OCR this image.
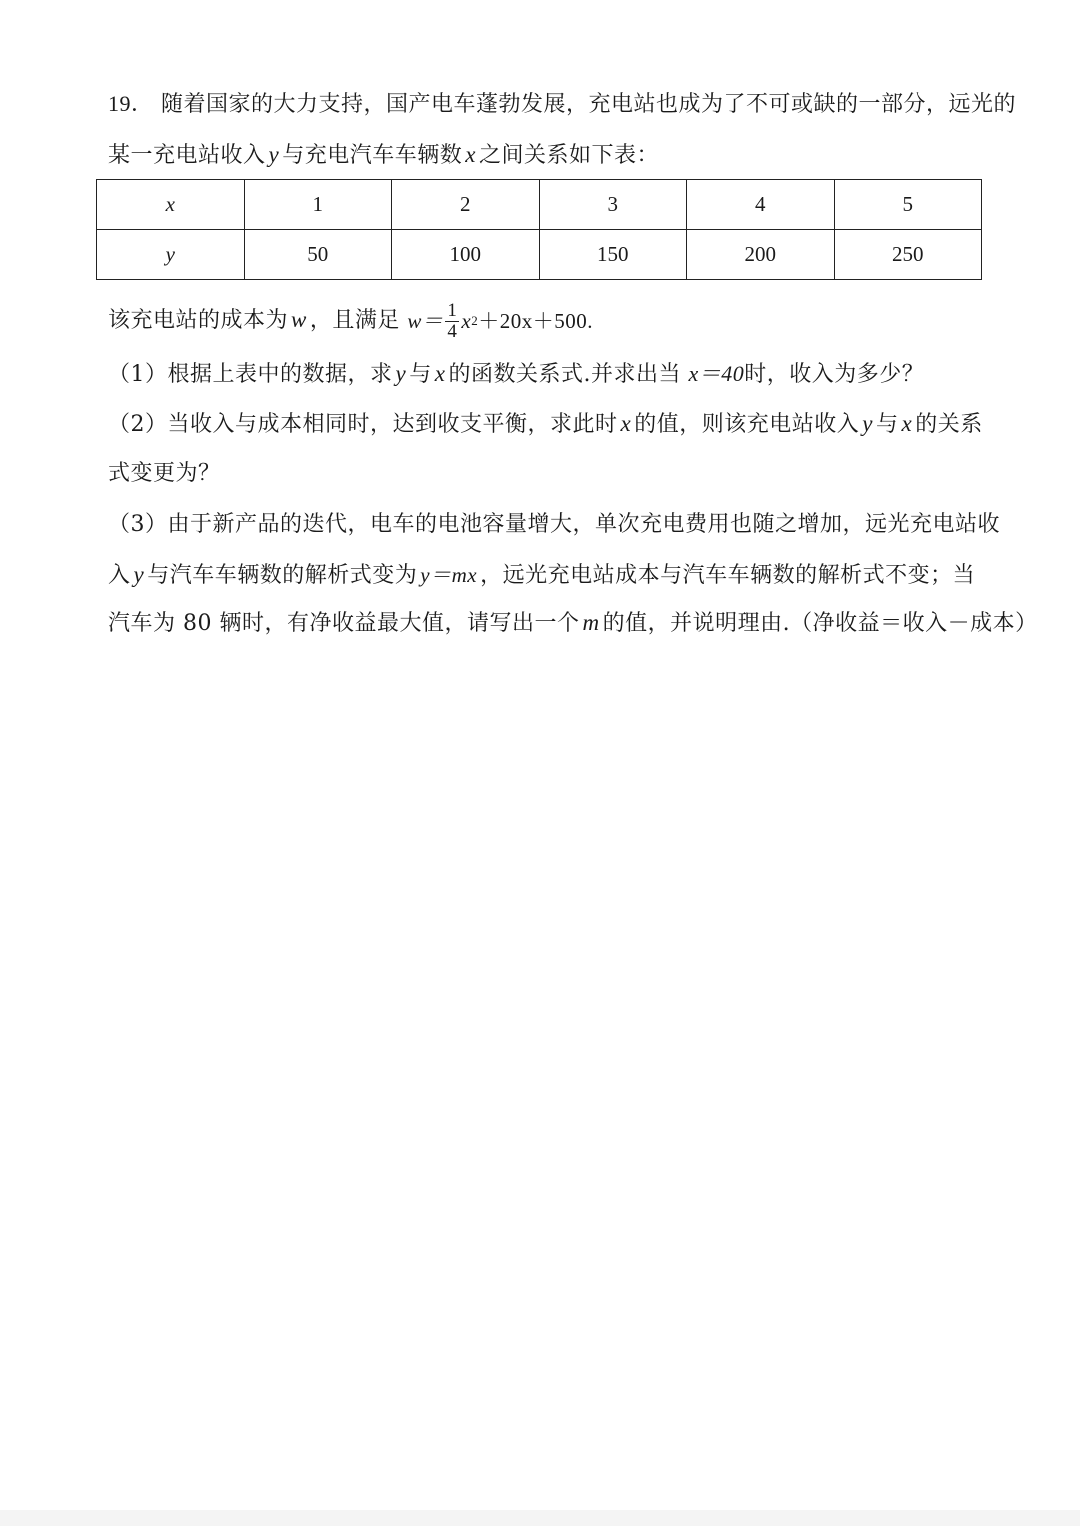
19． 随着国家的大力支持，国产电车蓬勃发展，充电站也成为了不可或缺的一部分，远光的
某一充电站收入 y 与充电汽车车辆数 x 之间关系如下表：
x	1	2	3	4	5
y	50	100	150	200	250
该充电站的成本为 w ，且满足 $w= \frac{1}{4}$ x 2 ＋20x＋500 .
（1）根据上表中的数据，求 y 与 x 的函数关系式.并求出当 x＝40时，收入为多少？
（2）当收入与成本相同时，达到收支平衡，求此时 x 的值，则该充电站收入 y 与 x 的关系
式变更为？
（3）由于新产品的迭代，电车的电池容量增大，单次充电费用也随之增加，远光充电站收
入 y 与汽车车辆数的解析式变为 y＝mx ，远光充电站成本与汽车车辆数的解析式不变；当
汽车为 80 辆时，有净收益最大值，请写出一个 m 的值，并说明理由.（净收益＝收入－成本）
